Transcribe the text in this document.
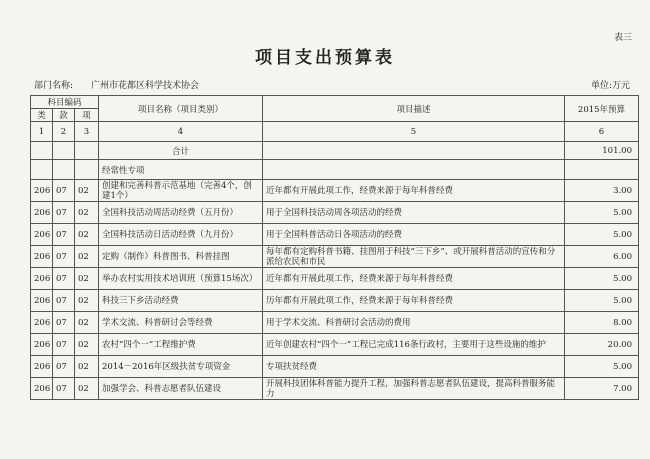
表三
项目支出预算表
部门名称: 广州市花都区科学技术协会	单位:万元
科目编码			项目名称（项目类别）	项目描述	2015年预算
类	款	项			
1	2	3	4	5	6
			合计		101.00
			经常性专项		
206	07	02	创建和完善科普示范基地（完善4个，创建1个）	近年都有开展此项工作，经费来源于每年科普经费	3.00
206	07	02	全国科技活动周活动经费（五月份）	用于全国科技活动周各项活动的经费	5.00
206	07	02	全国科技活动日活动经费（九月份）	用于全国科普活动日各项活动的经费	5.00
206	07	02	定购（制作）科普图书、科普挂图	每年都有定购科普书籍、挂图用于科技“三下乡”、或开展科普活动的宣传和分派给农民和市民	6.00
206	07	02	举办农村实用技术培训班（预算15场次）	近年都有开展此项工作，经费来源于每年科普经费	5.00
206	07	02	科技三下乡活动经费	历年都有开展此项工作，经费来源于每年科普经费	5.00
206	07	02	学术交流、科普研讨会等经费	用于学术交流、科普研讨会活动的费用	8.00
206	07	02	农村“四个一”工程维护费	近年创建农村“四个一”工程已完成116条行政村，主要用于这些设施的维护	20.00
206	07	02	2014－2016年区级扶贫专项资金	专项扶贫经费	5.00
206	07	02	加强学会、科普志愿者队伍建设	开展科技团体科普能力提升工程，加强科普志愿者队伍建设，提高科普服务能力	7.00
